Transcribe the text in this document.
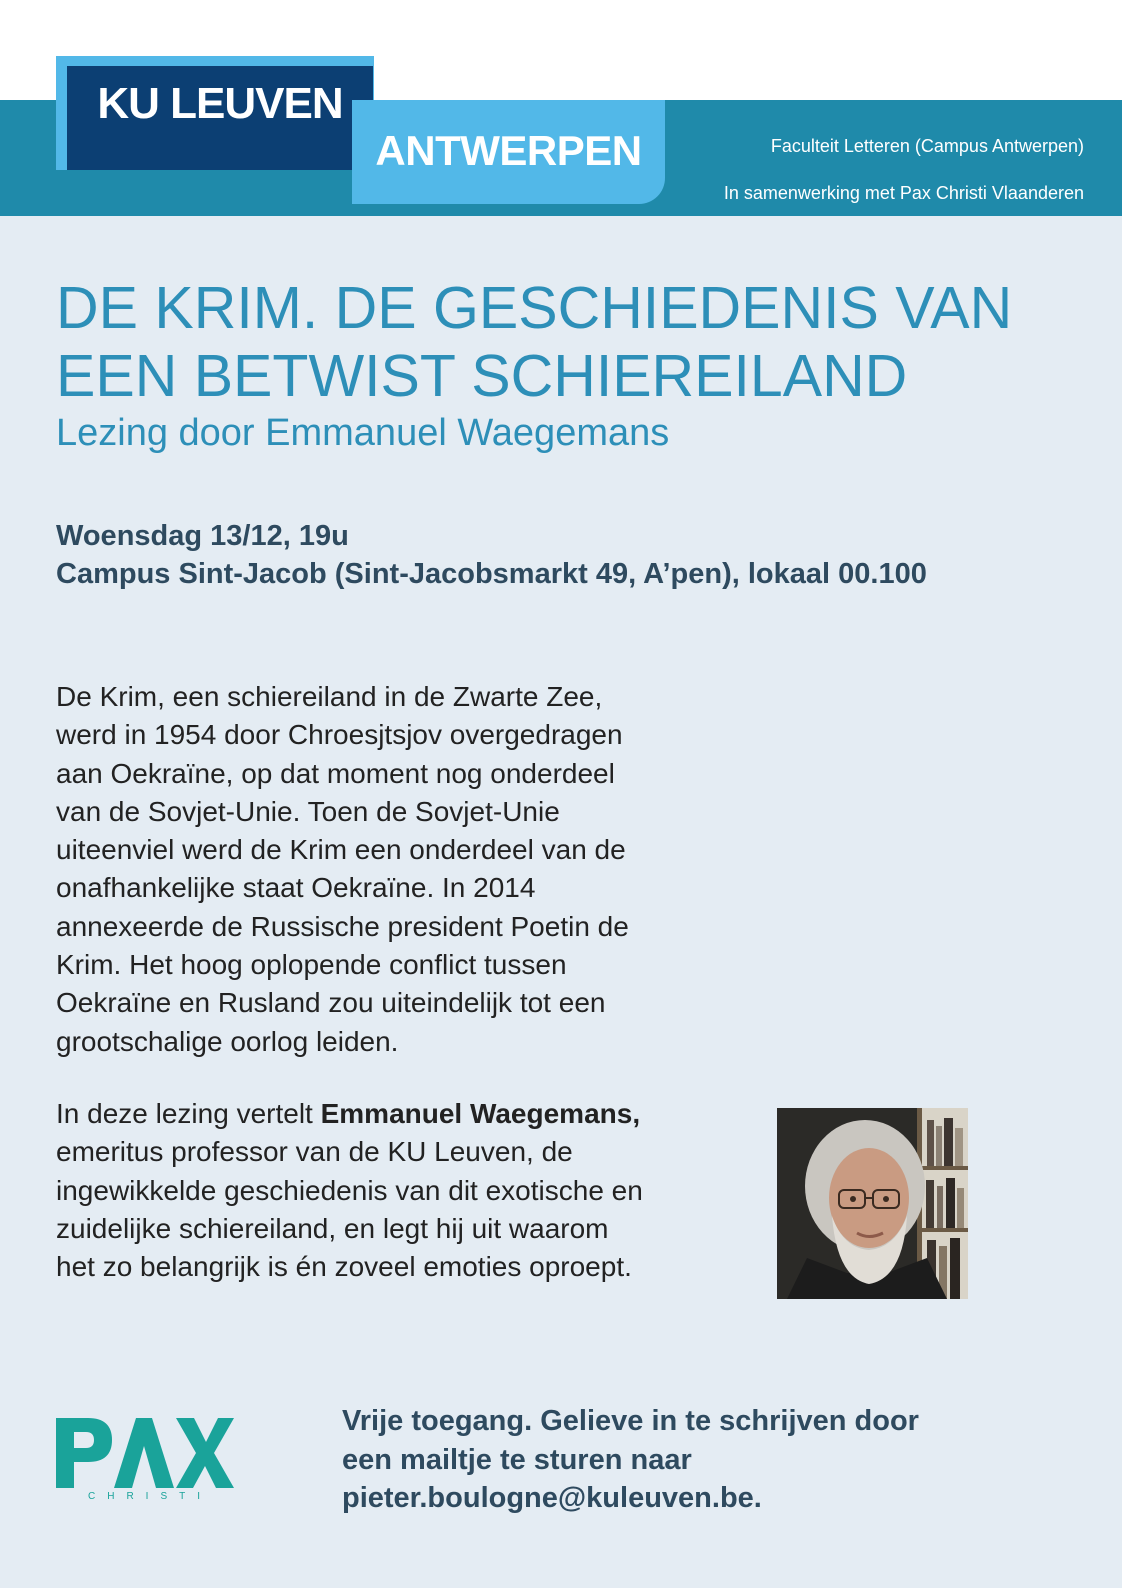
KU LEUVEN
ANTWERPEN	Faculteit Letteren (Campus Antwerpen)
In samenwerking met Pax Christi Vlaanderen
DE KRIM. DE GESCHIEDENIS VAN
EEN BETWIST SCHIEREILAND
Lezing door Emmanuel Waegemans
Woensdag 13/12, 19u
Campus Sint-Jacob (Sint-Jacobsmarkt 49, A’pen), lokaal 00.100
De Krim, een schiereiland in de Zwarte Zee,
werd in 1954 door Chroesjtsjov overgedragen
aan Oekraïne, op dat moment nog onderdeel
van de Sovjet-Unie. Toen de Sovjet-Unie
uiteenviel werd de Krim een onderdeel van de
onafhankelijke staat Oekraïne. In 2014
annexeerde de Russische president Poetin de
Krim. Het hoog oplopende conflict tussen
Oekraïne en Rusland zou uiteindelijk tot een
grootschalige oorlog leiden.
In deze lezing vertelt Emmanuel Waegemans,
emeritus professor van de KU Leuven, de
ingewikkelde geschiedenis van dit exotische en
zuidelijke schiereiland, en legt hij uit waarom
het zo belangrijk is én zoveel emoties oproept.
CHRISTI
Vrije toegang. Gelieve in te schrijven door
een mailtje te sturen naar
pieter.boulogne@kuleuven.be.
